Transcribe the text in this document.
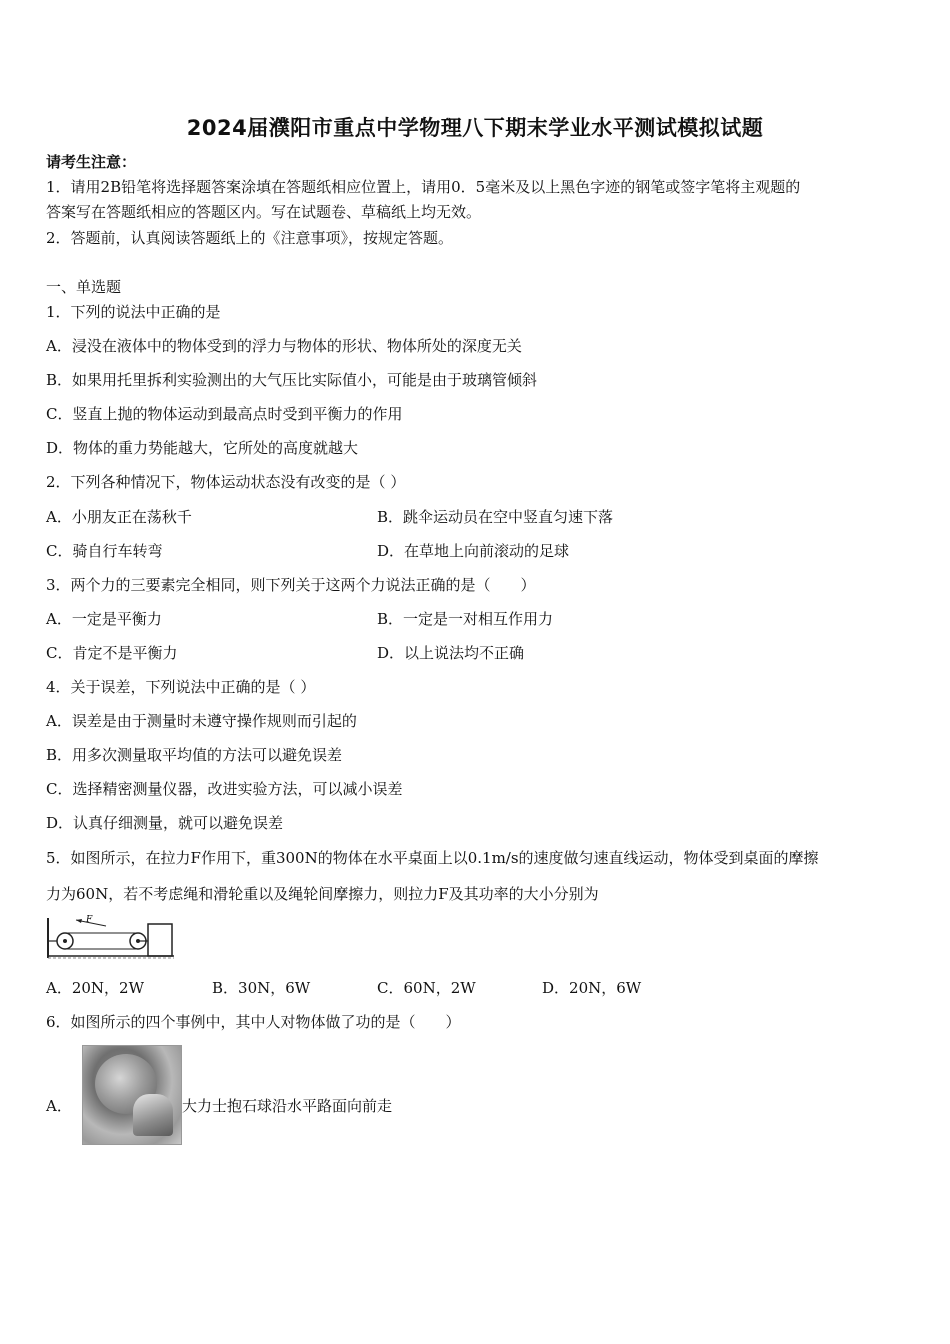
2024届濮阳市重点中学物理八下期末学业水平测试模拟试题
请考生注意：
1．请用2B铅笔将选择题答案涂填在答题纸相应位置上，请用0．5毫米及以上黑色字迹的钢笔或签字笔将主观题的
答案写在答题纸相应的答题区内。写在试题卷、草稿纸上均无效。
2．答题前，认真阅读答题纸上的《注意事项》，按规定答题。
一、单选题
1．下列的说法中正确的是
A．浸没在液体中的物体受到的浮力与物体的形状、物体所处的深度无关
B．如果用托里拆利实验测出的大气压比实际值小，可能是由于玻璃管倾斜
C．竖直上抛的物体运动到最高点时受到平衡力的作用
D．物体的重力势能越大，它所处的高度就越大
2．下列各种情况下，物体运动状态没有改变的是（ ）
A．小朋友正在荡秋千	B．跳伞运动员在空中竖直匀速下落
C．骑自行车转弯	D．在草地上向前滚动的足球
3．两个力的三要素完全相同，则下列关于这两个力说法正确的是（　　）
A．一定是平衡力	B．一定是一对相互作用力
C．肯定不是平衡力	D．以上说法均不正确
4．关于误差，下列说法中正确的是（ ）
A．误差是由于测量时未遵守操作规则而引起的
B．用多次测量取平均值的方法可以避免误差
C．选择精密测量仪器，改进实验方法，可以减小误差
D．认真仔细测量，就可以避免误差
5．如图所示，在拉力F作用下，重300N的物体在水平桌面上以0.1m/s的速度做匀速直线运动，物体受到桌面的摩擦
力为60N，若不考虑绳和滑轮重以及绳轮间摩擦力，则拉力F及其功率的大小分别为
F
A．20N，2W	B．30N，6W	C．60N，2W	D．20N，6W
6．如图所示的四个事例中，其中人对物体做了功的是（　　）
A．	大力士抱石球沿水平路面向前走
